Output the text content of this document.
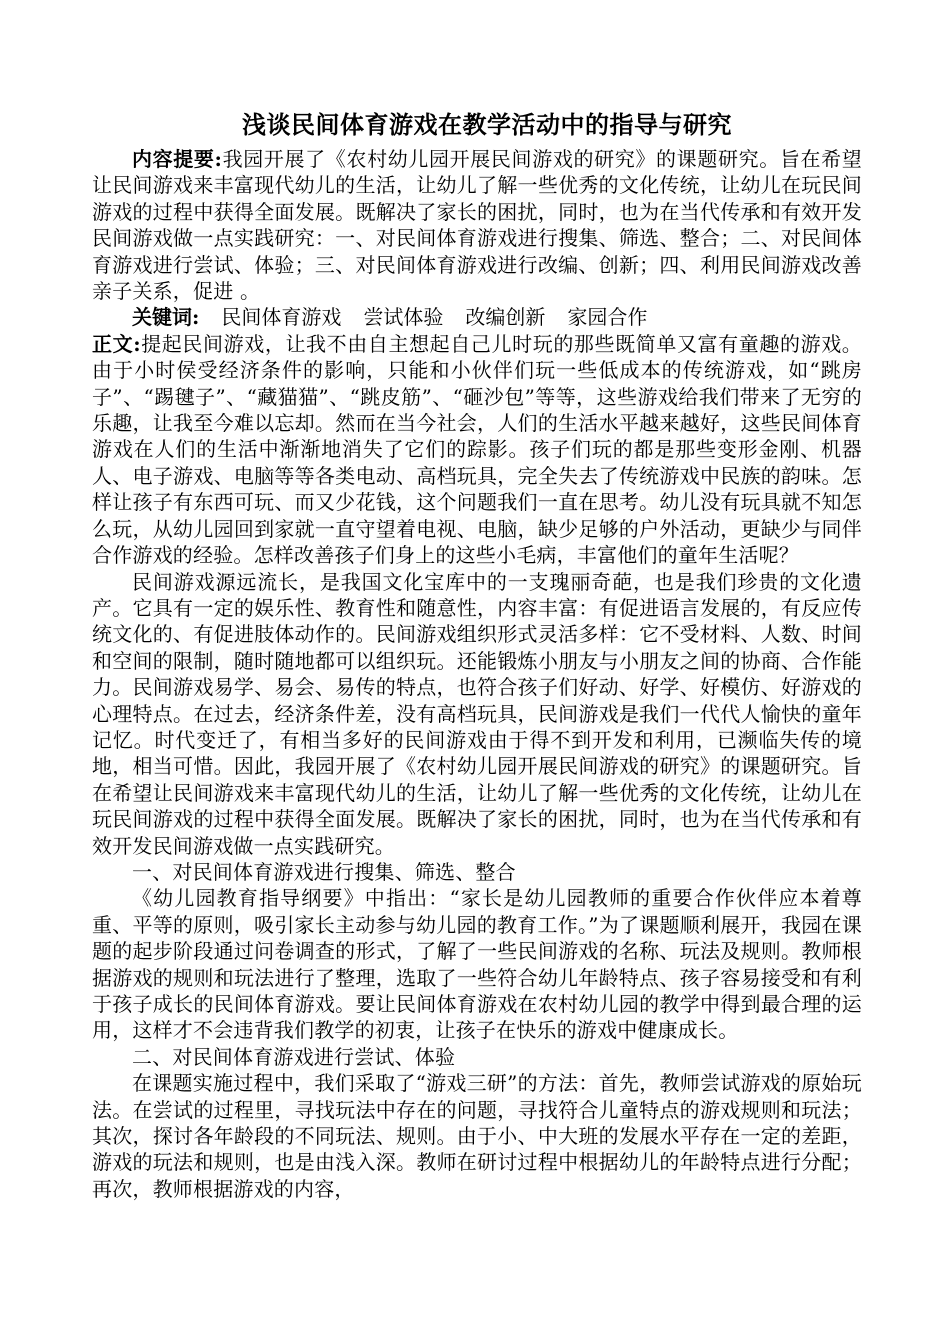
浅谈民间体育游戏在教学活动中的指导与研究

内容提要:我园开展了《农村幼儿园开展民间游戏的研究》的课题研究。旨在希望让民间游戏来丰富现代幼儿的生活，让幼儿了解一些优秀的文化传统，让幼儿在玩民间游戏的过程中获得全面发展。既解决了家长的困扰，同时，也为在当代传承和有效开发民间游戏做一点实践研究：一、对民间体育游戏进行搜集、筛选、整合；二、对民间体育游戏进行尝试、体验；三、对民间体育游戏进行改编、创新；四、利用民间游戏改善亲子关系，促进 。

关键词: 民间体育游戏 尝试体验 改编创新 家园合作

正文:提起民间游戏，让我不由自主想起自己儿时玩的那些既简单又富有童趣的游戏。由于小时侯受经济条件的影响，只能和小伙伴们玩一些低成本的传统游戏，如“跳房子”、“踢毽子”、“藏猫猫”、“跳皮筋”、“砸沙包”等等，这些游戏给我们带来了无穷的乐趣，让我至今难以忘却。然而在当今社会，人们的生活水平越来越好，这些民间体育游戏在人们的生活中渐渐地消失了它们的踪影。孩子们玩的都是那些变形金刚、机器人、电子游戏、电脑等等各类电动、高档玩具，完全失去了传统游戏中民族的韵味。怎样让孩子有东西可玩、而又少花钱，这个问题我们一直在思考。幼儿没有玩具就不知怎么玩，从幼儿园回到家就一直守望着电视、电脑，缺少足够的户外活动，更缺少与同伴合作游戏的经验。怎样改善孩子们身上的这些小毛病，丰富他们的童年生活呢？

民间游戏源远流长，是我国文化宝库中的一支瑰丽奇葩，也是我们珍贵的文化遗产。它具有一定的娱乐性、教育性和随意性，内容丰富：有促进语言发展的，有反应传统文化的、有促进肢体动作的。民间游戏组织形式灵活多样：它不受材料、人数、时间和空间的限制，随时随地都可以组织玩。还能锻炼小朋友与小朋友之间的协商、合作能力。民间游戏易学、易会、易传的特点，也符合孩子们好动、好学、好模仿、好游戏的心理特点。在过去，经济条件差，没有高档玩具，民间游戏是我们一代代人愉快的童年记忆。时代变迁了，有相当多好的民间游戏由于得不到开发和利用，已濒临失传的境地，相当可惜。因此，我园开展了《农村幼儿园开展民间游戏的研究》的课题研究。旨在希望让民间游戏来丰富现代幼儿的生活，让幼儿了解一些优秀的文化传统，让幼儿在玩民间游戏的过程中获得全面发展。既解决了家长的困扰，同时，也为在当代传承和有效开发民间游戏做一点实践研究。

一、对民间体育游戏进行搜集、筛选、整合

《幼儿园教育指导纲要》中指出：“家长是幼儿园教师的重要合作伙伴应本着尊重、平等的原则，吸引家长主动参与幼儿园的教育工作。”为了课题顺利展开，我园在课题的起步阶段通过问卷调查的形式，了解了一些民间游戏的名称、玩法及规则。教师根据游戏的规则和玩法进行了整理，选取了一些符合幼儿年龄特点、孩子容易接受和有利于孩子成长的民间体育游戏。要让民间体育游戏在农村幼儿园的教学中得到最合理的运用，这样才不会违背我们教学的初衷，让孩子在快乐的游戏中健康成长。

二、对民间体育游戏进行尝试、体验

在课题实施过程中，我们采取了“游戏三研”的方法：首先，教师尝试游戏的原始玩法。在尝试的过程里，寻找玩法中存在的问题，寻找符合儿童特点的游戏规则和玩法；其次，探讨各年龄段的不同玩法、规则。由于小、中大班的发展水平存在一定的差距，游戏的玩法和规则，也是由浅入深。教师在研讨过程中根据幼儿的年龄特点进行分配；再次，教师根据游戏的内容，
